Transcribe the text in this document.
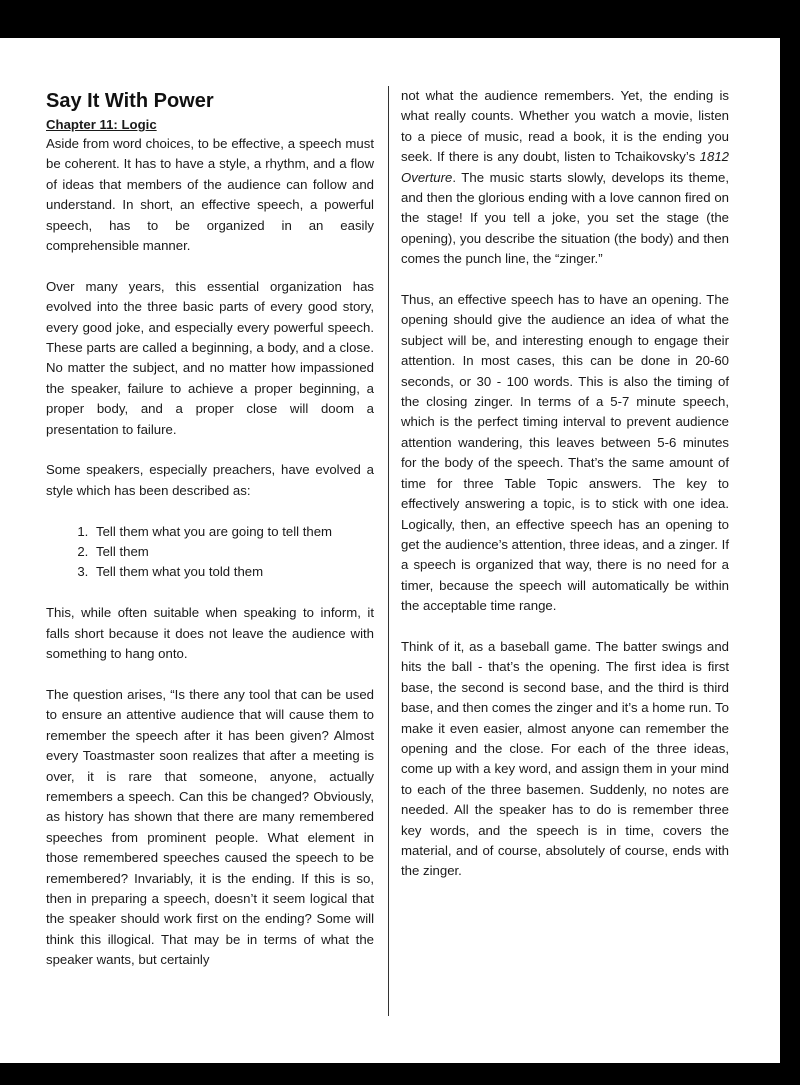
Say It With Power
Chapter 11: Logic

Aside from word choices, to be effective, a speech must be coherent. It has to have a style, a rhythm, and a flow of ideas that members of the audience can follow and understand. In short, an effective speech, a powerful speech, has to be organized in an easily comprehensible manner.

Over many years, this essential organization has evolved into the three basic parts of every good story, every good joke, and especially every powerful speech. These parts are called a beginning, a body, and a close. No matter the subject, and no matter how impassioned the speaker, failure to achieve a proper beginning, a proper body, and a proper close will doom a presentation to failure.

Some speakers, especially preachers, have evolved a style which has been described as:

1. Tell them what you are going to tell them
2. Tell them
3. Tell them what you told them

This, while often suitable when speaking to inform, it falls short because it does not leave the audience with something to hang onto.

The question arises, “Is there any tool that can be used to ensure an attentive audience that will cause them to remember the speech after it has been given? Almost every Toastmaster soon realizes that after a meeting is over, it is rare that someone, anyone, actually remembers a speech. Can this be changed? Obviously, as history has shown that there are many remembered speeches from prominent people. What element in those remembered speeches caused the speech to be remembered? Invariably, it is the ending. If this is so, then in preparing a speech, doesn’t it seem logical that the speaker should work first on the ending? Some will think this illogical. That may be in terms of what the speaker wants, but certainly

not what the audience remembers. Yet, the ending is what really counts. Whether you watch a movie, listen to a piece of music, read a book, it is the ending you seek. If there is any doubt, listen to Tchaikovsky’s 1812 Overture. The music starts slowly, develops its theme, and then the glorious ending with a love cannon fired on the stage! If you tell a joke, you set the stage (the opening), you describe the situation (the body) and then comes the punch line, the “zinger.”

Thus, an effective speech has to have an opening. The opening should give the audience an idea of what the subject will be, and interesting enough to engage their attention. In most cases, this can be done in 20-60 seconds, or 30 - 100 words. This is also the timing of the closing zinger. In terms of a 5-7 minute speech, which is the perfect timing interval to prevent audience attention wandering, this leaves between 5-6 minutes for the body of the speech. That’s the same amount of time for three Table Topic answers. The key to effectively answering a topic, is to stick with one idea. Logically, then, an effective speech has an opening to get the audience’s attention, three ideas, and a zinger. If a speech is organized that way, there is no need for a timer, because the speech will automatically be within the acceptable time range.

Think of it, as a baseball game. The batter swings and hits the ball - that’s the opening. The first idea is first base, the second is second base, and the third is third base, and then comes the zinger and it’s a home run. To make it even easier, almost anyone can remember the opening and the close. For each of the three ideas, come up with a key word, and assign them in your mind to each of the three basemen. Suddenly, no notes are needed. All the speaker has to do is remember three key words, and the speech is in time, covers the material, and of course, absolutely of course, ends with the zinger.
